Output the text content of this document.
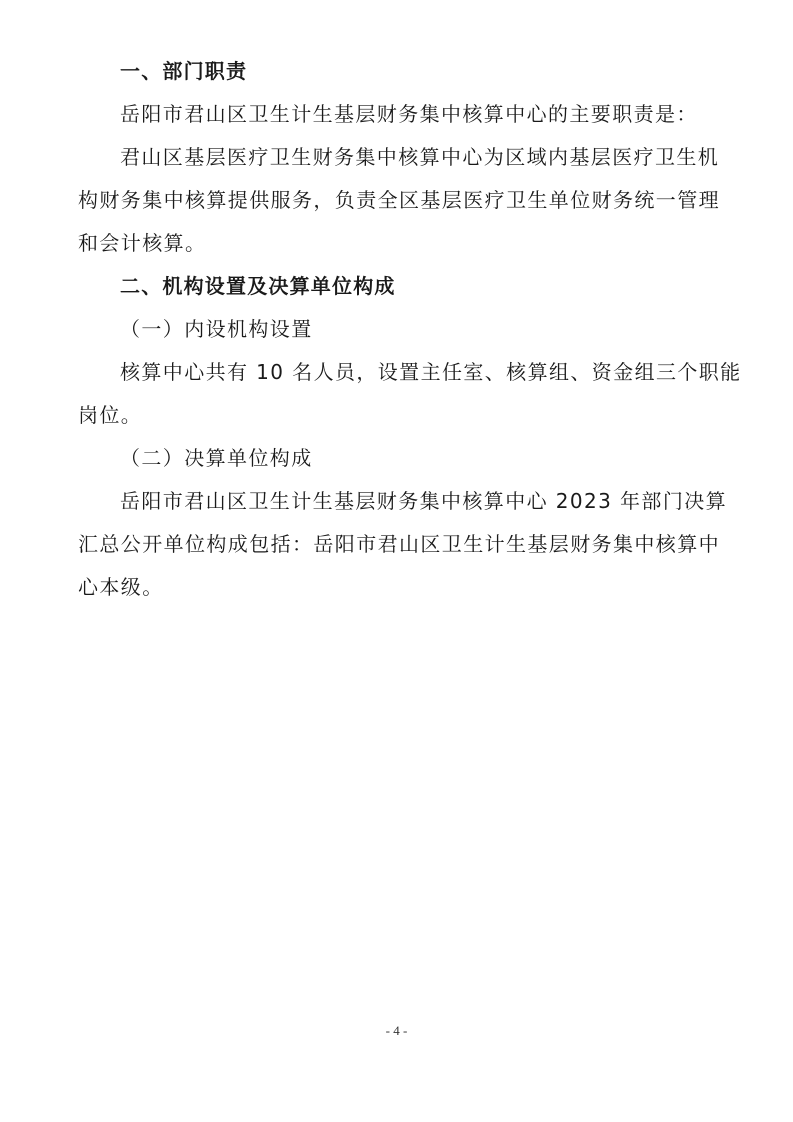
一、部门职责
岳阳市君山区卫生计生基层财务集中核算中心的主要职责是：
君山区基层医疗卫生财务集中核算中心为区域内基层医疗卫生机
构财务集中核算提供服务，负责全区基层医疗卫生单位财务统一管理
和会计核算。
二、机构设置及决算单位构成
（一）内设机构设置
核算中心共有 10 名人员，设置主任室、核算组、资金组三个职能
岗位。
（二）决算单位构成
岳阳市君山区卫生计生基层财务集中核算中心 2023 年部门决算
汇总公开单位构成包括：岳阳市君山区卫生计生基层财务集中核算中
心本级。
- 4 -
